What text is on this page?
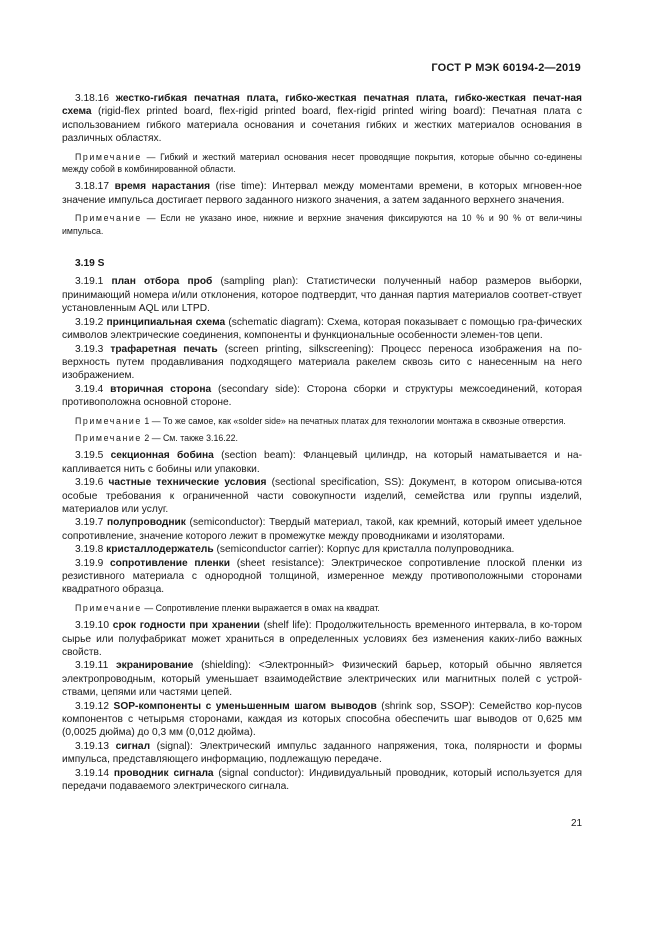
ГОСТ Р МЭК 60194-2—2019

3.18.16 жестко-гибкая печатная плата, гибко-жесткая печатная плата, гибко-жесткая печат-ная схема (rigid-flex printed board, flex-rigid printed board, flex-rigid printed wiring board): Печатная плата с использованием гибкого материала основания и сочетания гибких и жестких материалов основания в различных областях.

Примечание — Гибкий и жесткий материал основания несет проводящие покрытия, которые обычно со-единены между собой в комбинированной области.

3.18.17 время нарастания (rise time): Интервал между моментами времени, в которых мгновен-ное значение импульса достигает первого заданного низкого значения, а затем заданного верхнего значения.

Примечание — Если не указано иное, нижние и верхние значения фиксируются на 10 % и 90 % от вели-чины импульса.

3.19 S

3.19.1 план отбора проб (sampling plan): Статистически полученный набор размеров выборки, принимающий номера и/или отклонения, которое подтвердит, что данная партия материалов соответ-ствует установленным AQL или LTPD.

3.19.2 принципиальная схема (schematic diagram): Схема, которая показывает с помощью гра-фических символов электрические соединения, компоненты и функциональные особенности элемен-тов цепи.

3.19.3 трафаретная печать (screen printing, silkscreening): Процесс переноса изображения на по-верхность путем продавливания подходящего материала ракелем сквозь сито с нанесенным на него изображением.

3.19.4 вторичная сторона (secondary side): Сторона сборки и структуры межсоединений, которая противоположна основной стороне.

Примечание 1 — То же самое, как «solder side» на печатных платах для технологии монтажа в сквозные отверстия.

Примечание 2 — См. также 3.16.22.

3.19.5 секционная бобина (section beam): Фланцевый цилиндр, на который наматывается и на-капливается нить с бобины или упаковки.

3.19.6 частные технические условия (sectional specification, SS): Документ, в котором описыва-ются особые требования к ограниченной части совокупности изделий, семейства или группы изделий, материалов или услуг.

3.19.7 полупроводник (semiconductor): Твердый материал, такой, как кремний, который имеет удельное сопротивление, значение которого лежит в промежутке между проводниками и изоляторами.

3.19.8 кристаллодержатель (semiconductor carrier): Корпус для кристалла полупроводника.

3.19.9 сопротивление пленки (sheet resistance): Электрическое сопротивление плоской пленки из резистивного материала с однородной толщиной, измеренное между противоположными сторонами квадратного образца.

Примечание — Сопротивление пленки выражается в омах на квадрат.

3.19.10 срок годности при хранении (shelf life): Продолжительность временного интервала, в ко-тором сырье или полуфабрикат может храниться в определенных условиях без изменения каких-либо важных свойств.

3.19.11 экранирование (shielding): <Электронный> Физический барьер, который обычно является электропроводным, который уменьшает взаимодействие электрических или магнитных полей с устрой-ствами, цепями или частями цепей.

3.19.12 SOP-компоненты с уменьшенным шагом выводов (shrink sop, SSOP): Семейство кор-пусов компонентов с четырьмя сторонами, каждая из которых способна обеспечить шаг выводов от 0,625 мм (0,0025 дюйма) до 0,3 мм (0,012 дюйма).

3.19.13 сигнал (signal): Электрический импульс заданного напряжения, тока, полярности и формы импульса, представляющего информацию, подлежащую передаче.

3.19.14 проводник сигнала (signal conductor): Индивидуальный проводник, который используется для передачи подаваемого электрического сигнала.

21
